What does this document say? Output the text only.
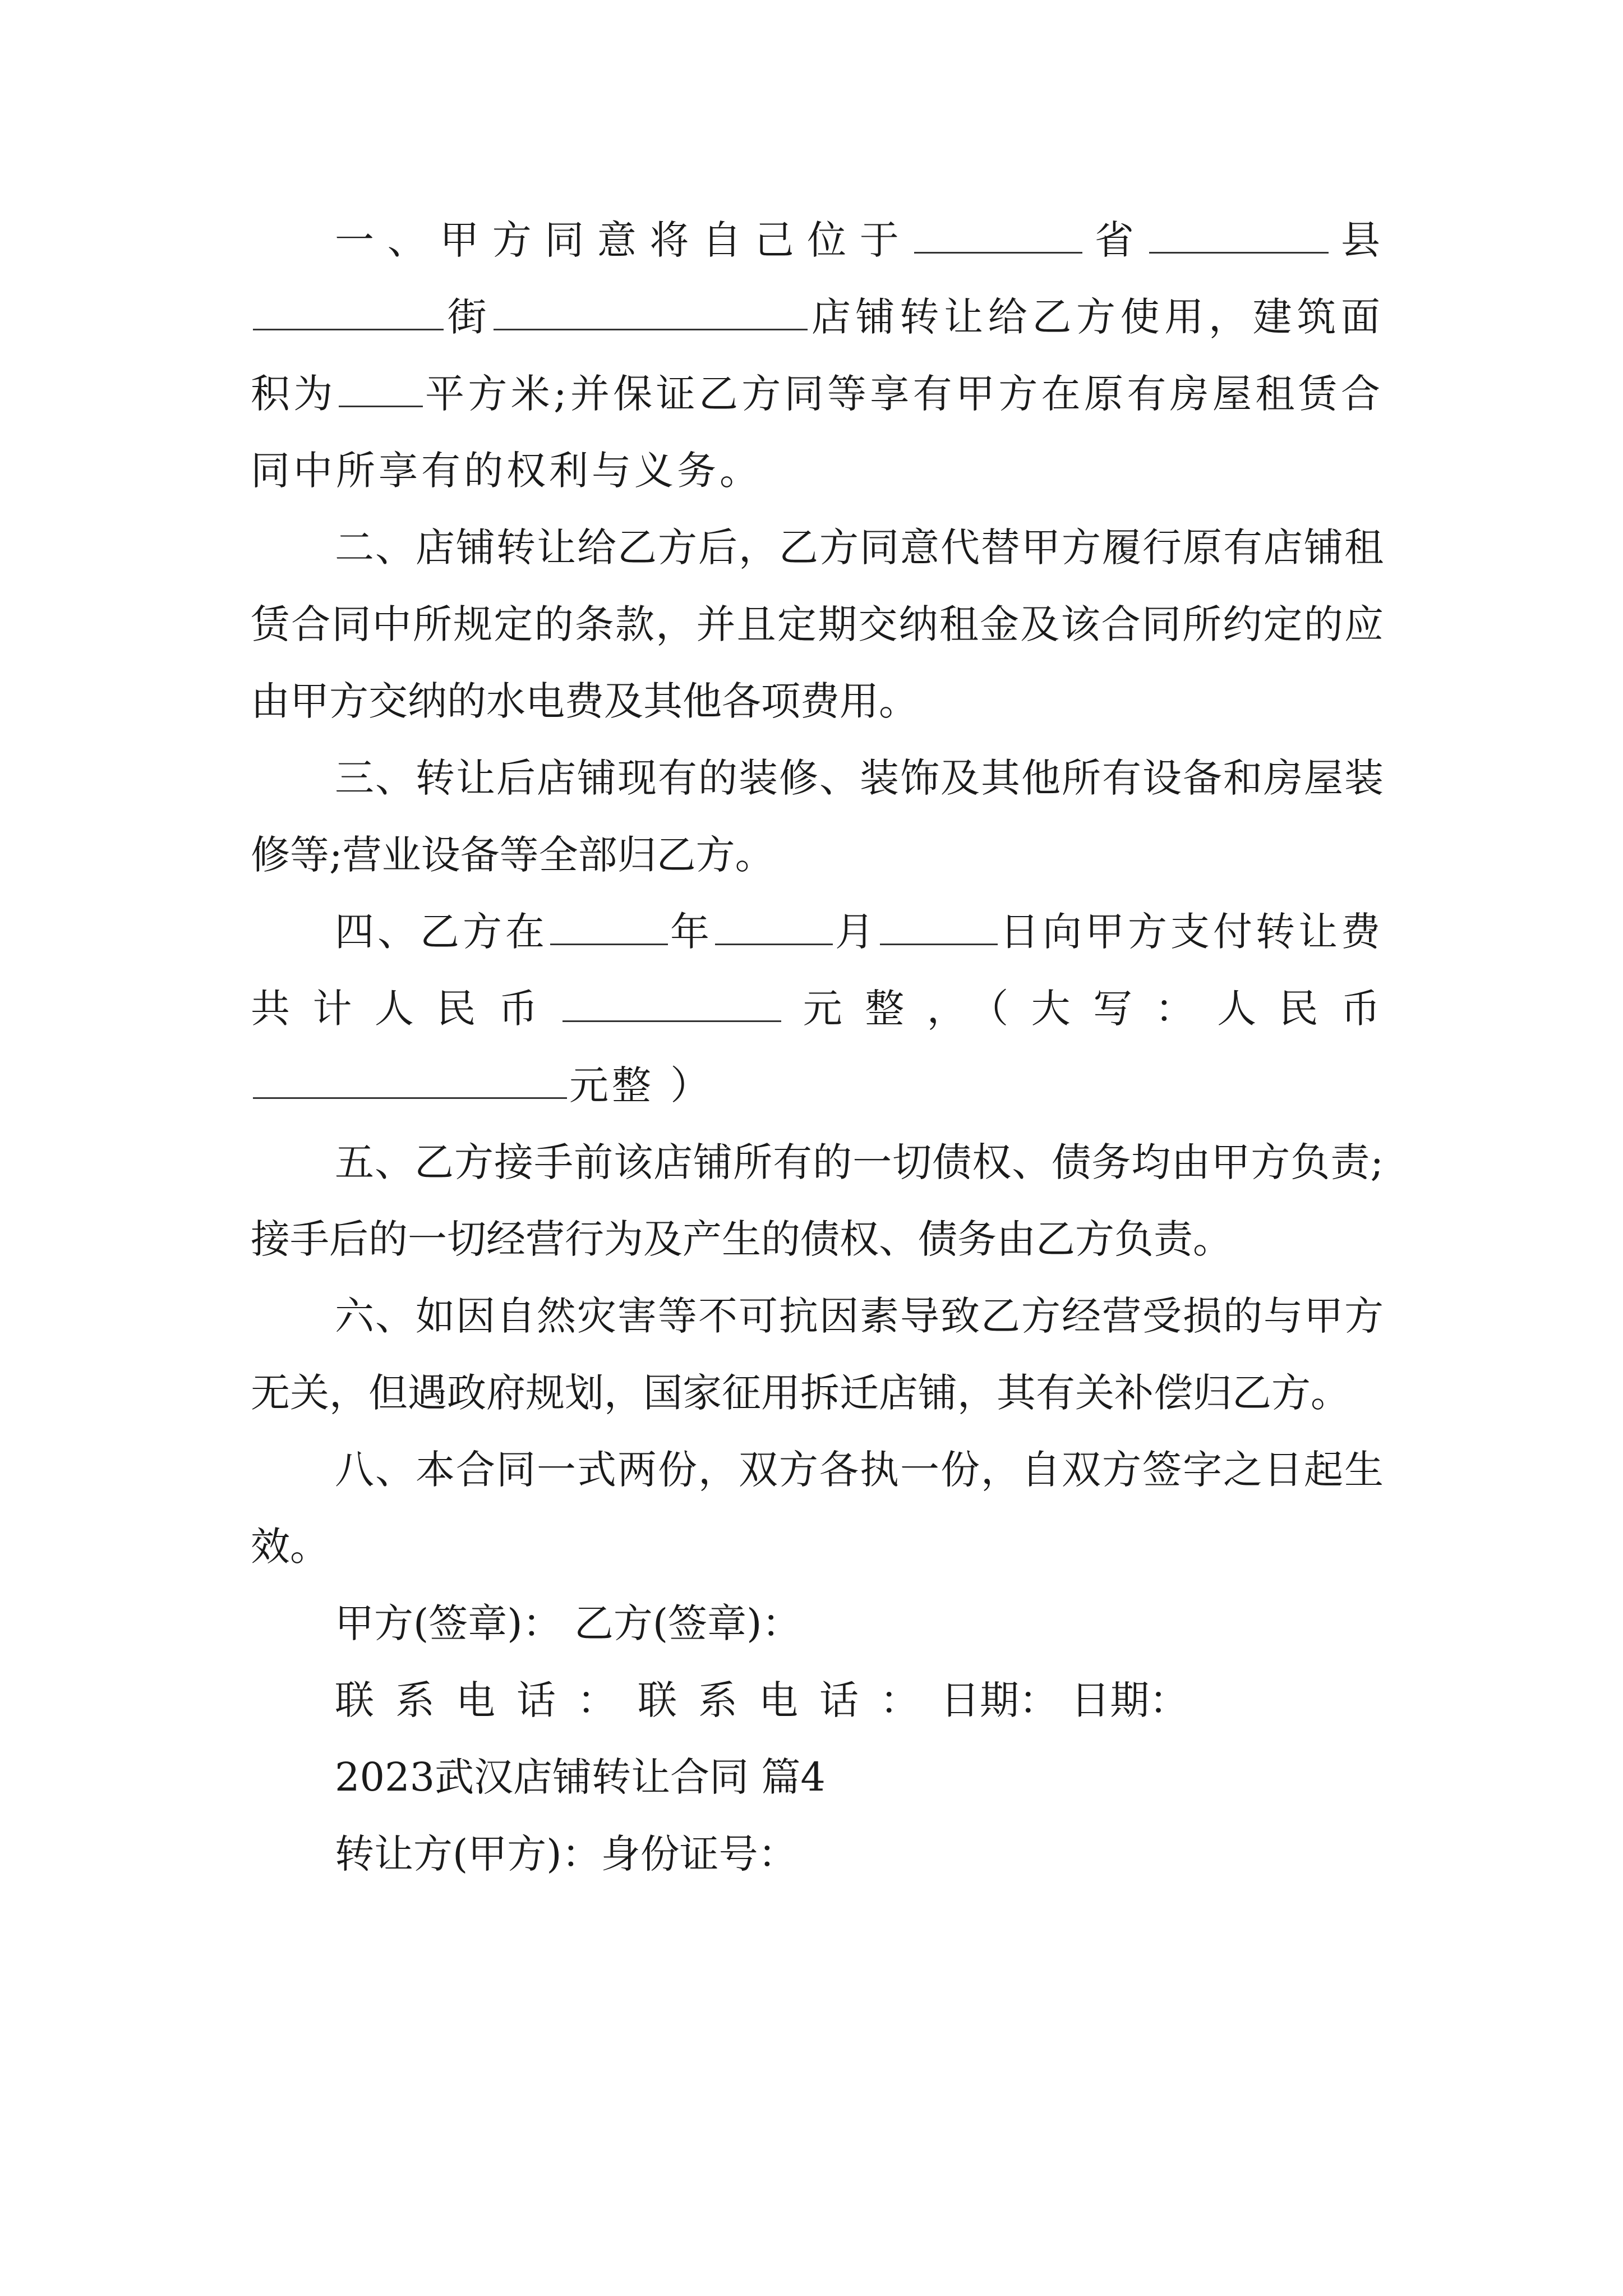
一、甲方同意将自己位于	省	县街	店铺转让给乙方使用，建筑面积为 平方米;并保证乙方同等享有甲方在原有房屋租赁合同中所享有的权利与义务。

二、店铺转让给乙方后，乙方同意代替甲方履行原有店铺租赁合同中所规定的条款，并且定期交纳租金及该合同所约定的应由甲方交纳的水电费及其他各项费用。

三、转让后店铺现有的装修、装饰及其他所有设备和房屋装修等;营业设备等全部归乙方。

四、乙方在	年	月	日向甲方支付转让费共计人民币	元整，（大写：人民币元整 ）

五、乙方接手前该店铺所有的一切债权、债务均由甲方负责;接手后的一切经营行为及产生的债权、债务由乙方负责。

六、如因自然灾害等不可抗因素导致乙方经营受损的与甲方无关，但遇政府规划，国家征用拆迁店铺，其有关补偿归乙方。

八、本合同一式两份，双方各执一份，自双方签字之日起生效。

甲方(签章)： 乙方(签章)：

联系电话：联系电话：日期： 日期：

2023武汉店铺转让合同 篇4

转让方(甲方)：身份证号：
